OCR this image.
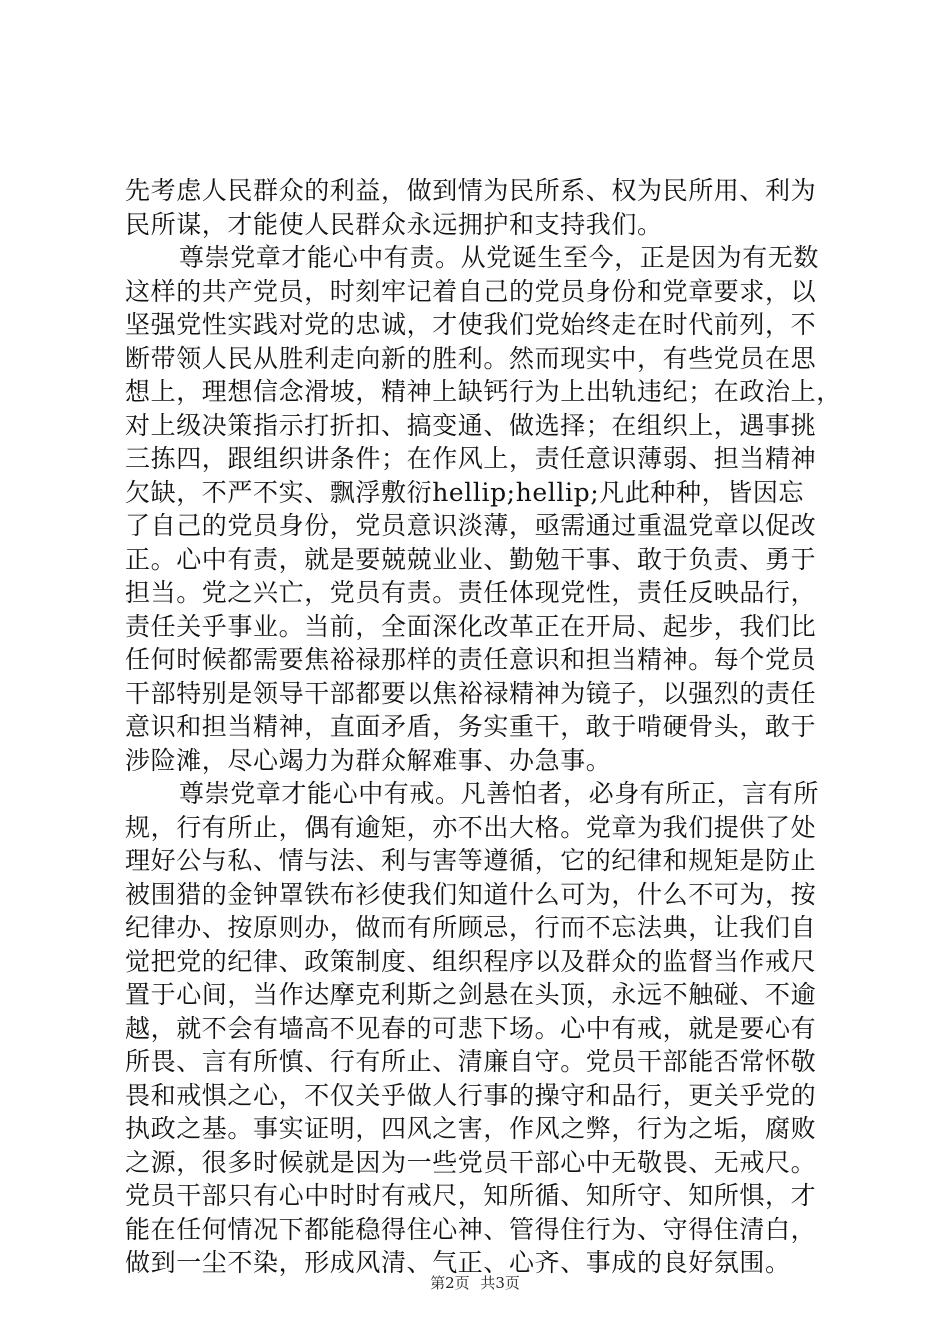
先考虑人民群众的利益，做到情为民所系、权为民所用、利为
民所谋，才能使人民群众永远拥护和支持我们。
尊崇党章才能心中有责。从党诞生至今，正是因为有无数
这样的共产党员，时刻牢记着自己的党员身份和党章要求，以
坚强党性实践对党的忠诚，才使我们党始终走在时代前列，不
断带领人民从胜利走向新的胜利。然而现实中，有些党员在思
想上，理想信念滑坡，精神上缺钙行为上出轨违纪；在政治上，
对上级决策指示打折扣、搞变通、做选择；在组织上，遇事挑
三拣四，跟组织讲条件；在作风上，责任意识薄弱、担当精神
欠缺，不严不实、飘浮敷衍hellip;hellip;凡此种种，皆因忘
了自己的党员身份，党员意识淡薄，亟需通过重温党章以促改
正。心中有责，就是要兢兢业业、勤勉干事、敢于负责、勇于
担当。党之兴亡，党员有责。责任体现党性，责任反映品行，
责任关乎事业。当前，全面深化改革正在开局、起步，我们比
任何时候都需要焦裕禄那样的责任意识和担当精神。每个党员
干部特别是领导干部都要以焦裕禄精神为镜子，以强烈的责任
意识和担当精神，直面矛盾，务实重干，敢于啃硬骨头，敢于
涉险滩，尽心竭力为群众解难事、办急事。
尊崇党章才能心中有戒。凡善怕者，必身有所正，言有所
规，行有所止，偶有逾矩，亦不出大格。党章为我们提供了处
理好公与私、情与法、利与害等遵循，它的纪律和规矩是防止
被围猎的金钟罩铁布衫使我们知道什么可为，什么不可为，按
纪律办、按原则办，做而有所顾忌，行而不忘法典，让我们自
觉把党的纪律、政策制度、组织程序以及群众的监督当作戒尺
置于心间，当作达摩克利斯之剑悬在头顶，永远不触碰、不逾
越，就不会有墙高不见春的可悲下场。心中有戒，就是要心有
所畏、言有所慎、行有所止、清廉自守。党员干部能否常怀敬
畏和戒惧之心，不仅关乎做人行事的操守和品行，更关乎党的
执政之基。事实证明，四风之害，作风之弊，行为之垢，腐败
之源，很多时候就是因为一些党员干部心中无敬畏、无戒尺。
党员干部只有心中时时有戒尺，知所循、知所守、知所惧，才
能在任何情况下都能稳得住心神、管得住行为、守得住清白，
做到一尘不染，形成风清、气正、心齐、事成的良好氛围。
第2页 共3页
